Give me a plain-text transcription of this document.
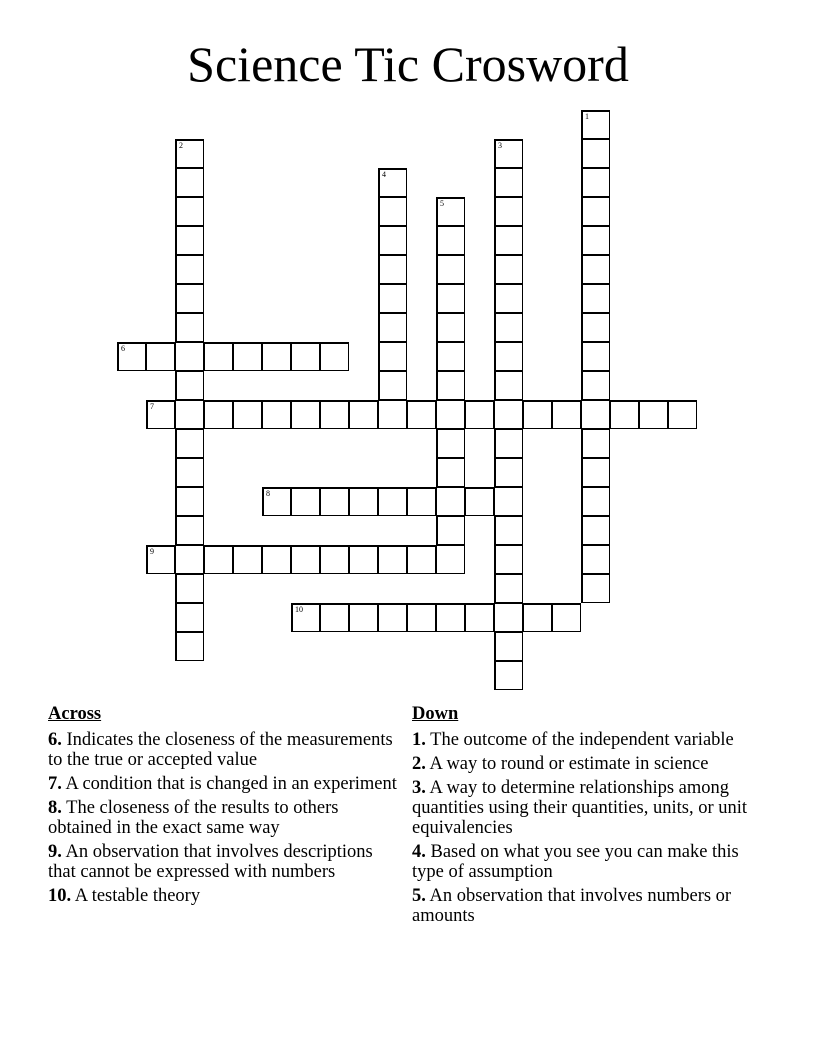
Science Tic Crosword
1
2	3
4
5
6
7
8
9
10
Across
6. Indicates the closeness of the measurements to the true or accepted value
7. A condition that is changed in an experiment
8. The closeness of the results to others obtained in the exact same way
9. An observation that involves descriptions that cannot be expressed with numbers
10. A testable theory
Down
1. The outcome of the independent variable
2. A way to round or estimate in science
3. A way to determine relationships among quantities using their quantities, units, or unit equivalencies
4. Based on what you see you can make this type of assumption
5. An observation that involves numbers or amounts
